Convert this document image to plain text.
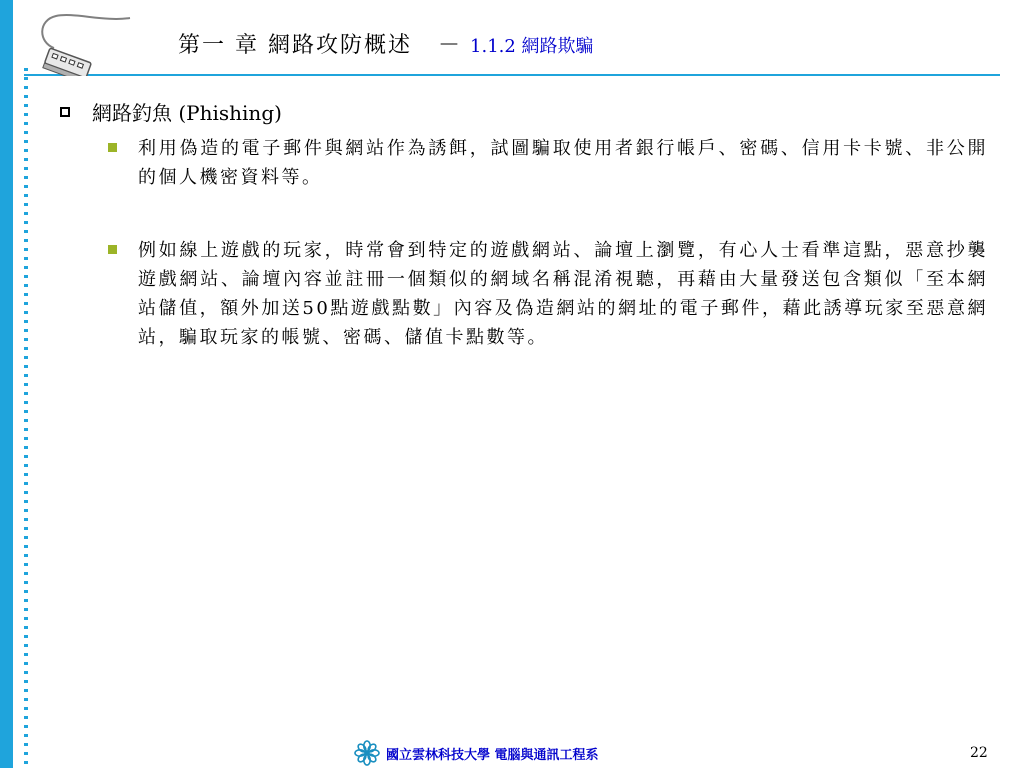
第一 章 網路攻防概述 － 1.1.2 網路欺騙
網路釣魚 (Phishing)
利用偽造的電子郵件與網站作為誘餌，試圖騙取使用者銀行帳戶、密碼、信用卡卡號、非公開的個人機密資料等。
例如線上遊戲的玩家，時常會到特定的遊戲網站、論壇上瀏覽，有心人士看準這點，惡意抄襲遊戲網站、論壇內容並註冊一個類似的網域名稱混淆視聽，再藉由大量發送包含類似「至本網站儲值，額外加送50點遊戲點數」內容及偽造網站的網址的電子郵件，藉此誘導玩家至惡意網站，騙取玩家的帳號、密碼、儲值卡點數等。
國立雲林科技大學 電腦與通訊工程系	22
